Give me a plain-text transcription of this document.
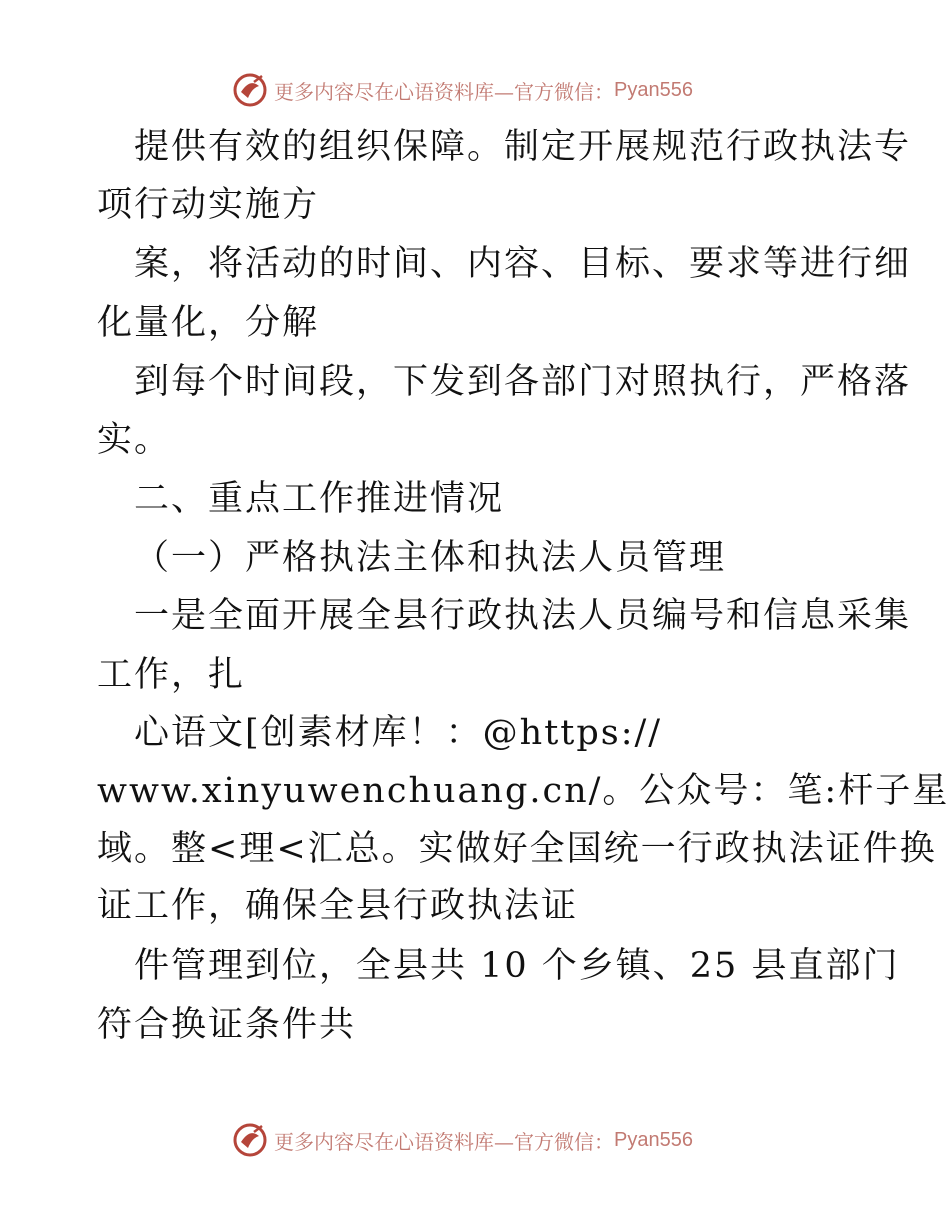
更多内容尽在心语资料库—官方微信： Pyan556
提供有效的组织保障。制定开展规范行政执法专
项行动实施方
案，将活动的时间、内容、目标、要求等进行细
化量化，分解
到每个时间段，下发到各部门对照执行，严格落
实。
二、重点工作推进情况
（一）严格执法主体和执法人员管理
一是全面开展全县行政执法人员编号和信息采集
工作，扎
心语文[创素材库！：@https://
www.xinyuwenchuang.cn/。公众号：笔:杆子星
域。整<理<汇总。实做好全国统一行政执法证件换
证工作，确保全县行政执法证
件管理到位，全县共 10 个乡镇、25 县直部门
符合换证条件共
更多内容尽在心语资料库—官方微信： Pyan556
